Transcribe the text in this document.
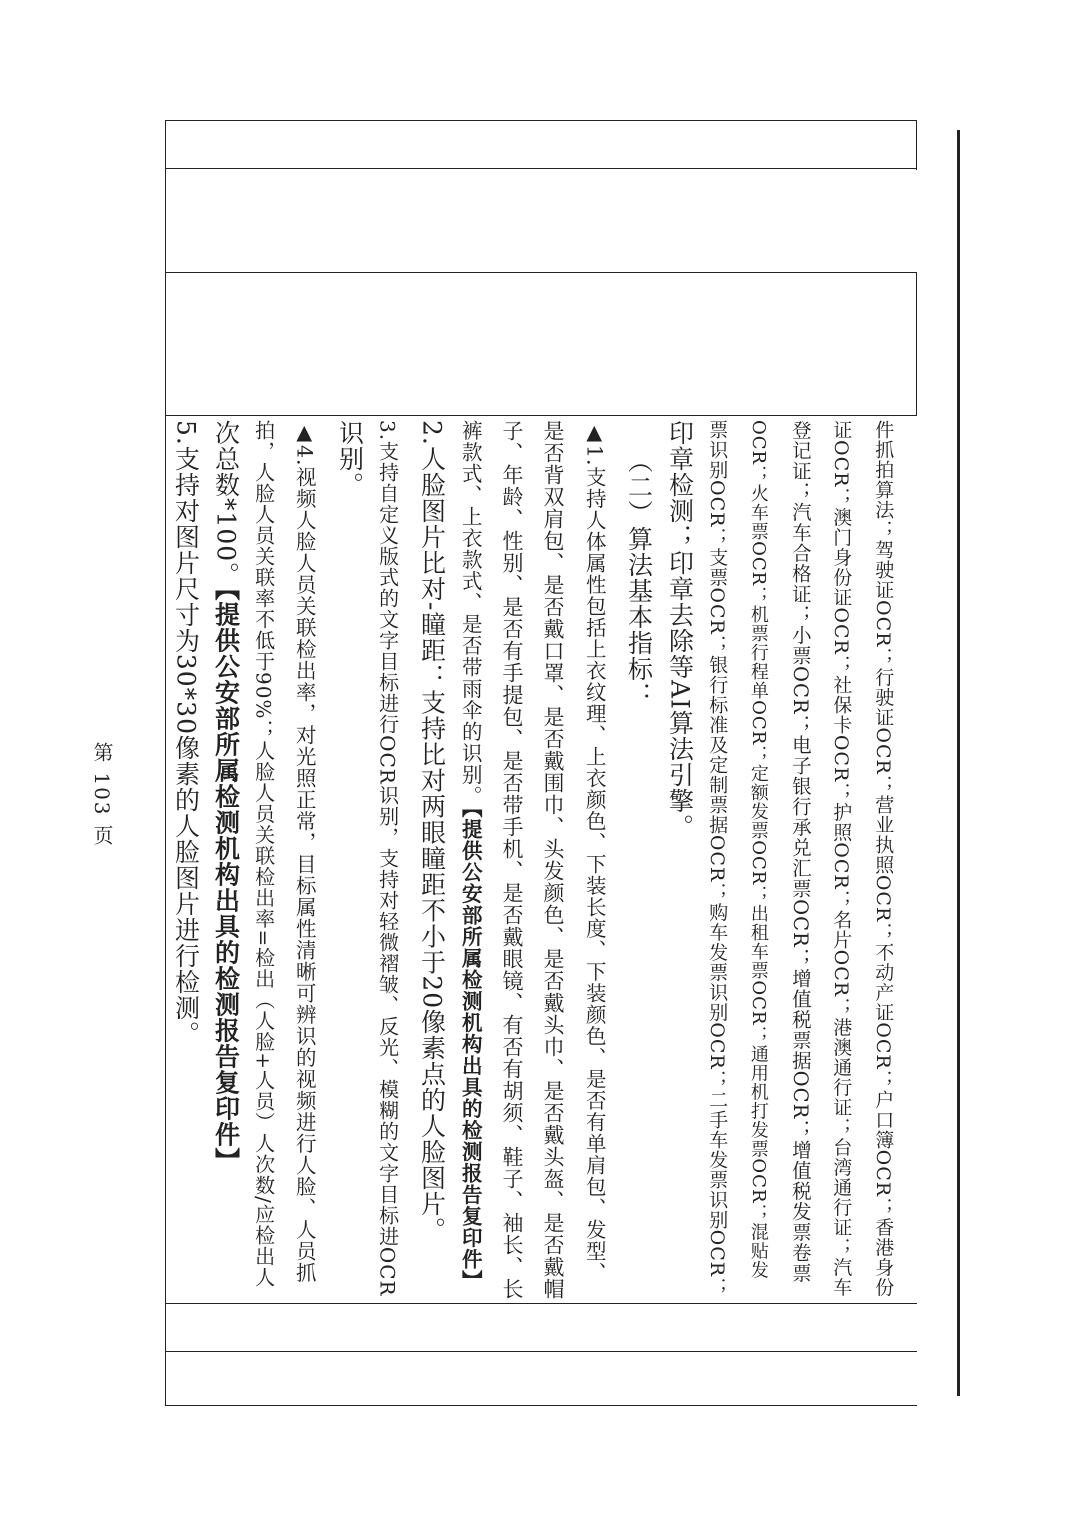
件抓拍算法；驾驶证OCR；行驶证OCR；营业执照OCR；不动产证OCR；户口簿OCR；香港身份
证OCR；澳门身份证OCR；社保卡OCR；护照OCR；名片OCR；港澳通行证；台湾通行证；汽车
登记证；汽车合格证；小票OCR；电子银行承兑汇票OCR；增值税票据OCR；增值税发票卷票
OCR；火车票OCR；机票行程单OCR；定额发票OCR；出租车票OCR；通用机打发票OCR；混贴发
票识别OCR；支票OCR；银行标准及定制票据OCR；购车发票识别OCR；二手车发票识别OCR；
印章检测；印章去除等AI算法引擎。
（二）算法基本指标：
▲1.支持人体属性包括上衣纹理、上衣颜色、下装长度、下装颜色、是否有单肩包、发型、
是否背双肩包、是否戴口罩、是否戴围巾、头发颜色、是否戴头巾、是否戴头盔、是否戴帽
子、年龄、性别、是否有手提包、是否带手机、是否戴眼镜、有否有胡须、鞋子、袖长、长
裤款式、上衣款式、是否带雨伞的识别。【提供公安部所属检测机构出具的检测报告复印件】
2.人脸图片比对-瞳距：支持比对两眼瞳距不小于20像素点的人脸图片。
3.支持自定义版式的文字目标进行OCR识别，支持对轻微褶皱、反光、模糊的文字目标进OCR
识别。
▲4.视频人脸人员关联检出率，对光照正常，目标属性清晰可辨识的视频进行人脸、人员抓
拍，人脸人员关联率不低于90%；人脸人员关联检出率=检出（人脸+人员）人次数/应检出人
次总数*100。【提供公安部所属检测机构出具的检测报告复印件】
5.支持对图片尺寸为30*30像素的人脸图片进行检测。
第 103 页
